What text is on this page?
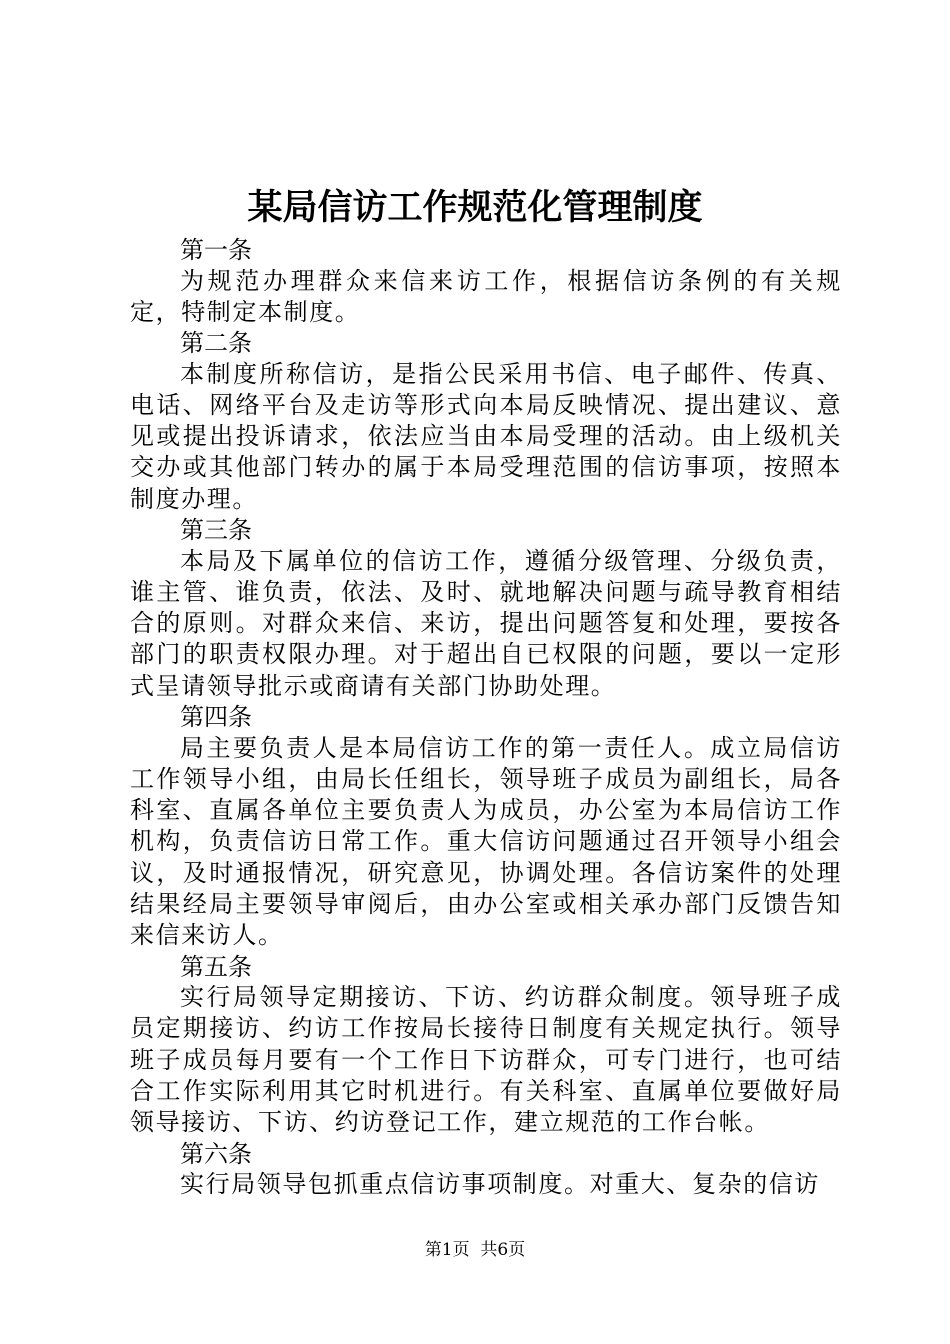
某局信访工作规范化管理制度
第一条

为规范办理群众来信来访工作，根据信访条例的有关规定，特制定本制度。

第二条

本制度所称信访，是指公民采用书信、电子邮件、传真、电话、网络平台及走访等形式向本局反映情况、提出建议、意见或提出投诉请求，依法应当由本局受理的活动。由上级机关交办或其他部门转办的属于本局受理范围的信访事项，按照本制度办理。

第三条

本局及下属单位的信访工作，遵循分级管理、分级负责，谁主管、谁负责，依法、及时、就地解决问题与疏导教育相结合的原则。对群众来信、来访，提出问题答复和处理，要按各部门的职责权限办理。对于超出自已权限的问题，要以一定形式呈请领导批示或商请有关部门协助处理。

第四条

局主要负责人是本局信访工作的第一责任人。成立局信访工作领导小组，由局长任组长，领导班子成员为副组长，局各科室、直属各单位主要负责人为成员，办公室为本局信访工作机构，负责信访日常工作。重大信访问题通过召开领导小组会议，及时通报情况，研究意见，协调处理。各信访案件的处理结果经局主要领导审阅后，由办公室或相关承办部门反馈告知来信来访人。

第五条

实行局领导定期接访、下访、约访群众制度。领导班子成员定期接访、约访工作按局长接待日制度有关规定执行。领导班子成员每月要有一个工作日下访群众，可专门进行，也可结合工作实际利用其它时机进行。有关科室、直属单位要做好局领导接访、下访、约访登记工作，建立规范的工作台帐。

第六条

实行局领导包抓重点信访事项制度。对重大、复杂的信访

第1页 共6页
